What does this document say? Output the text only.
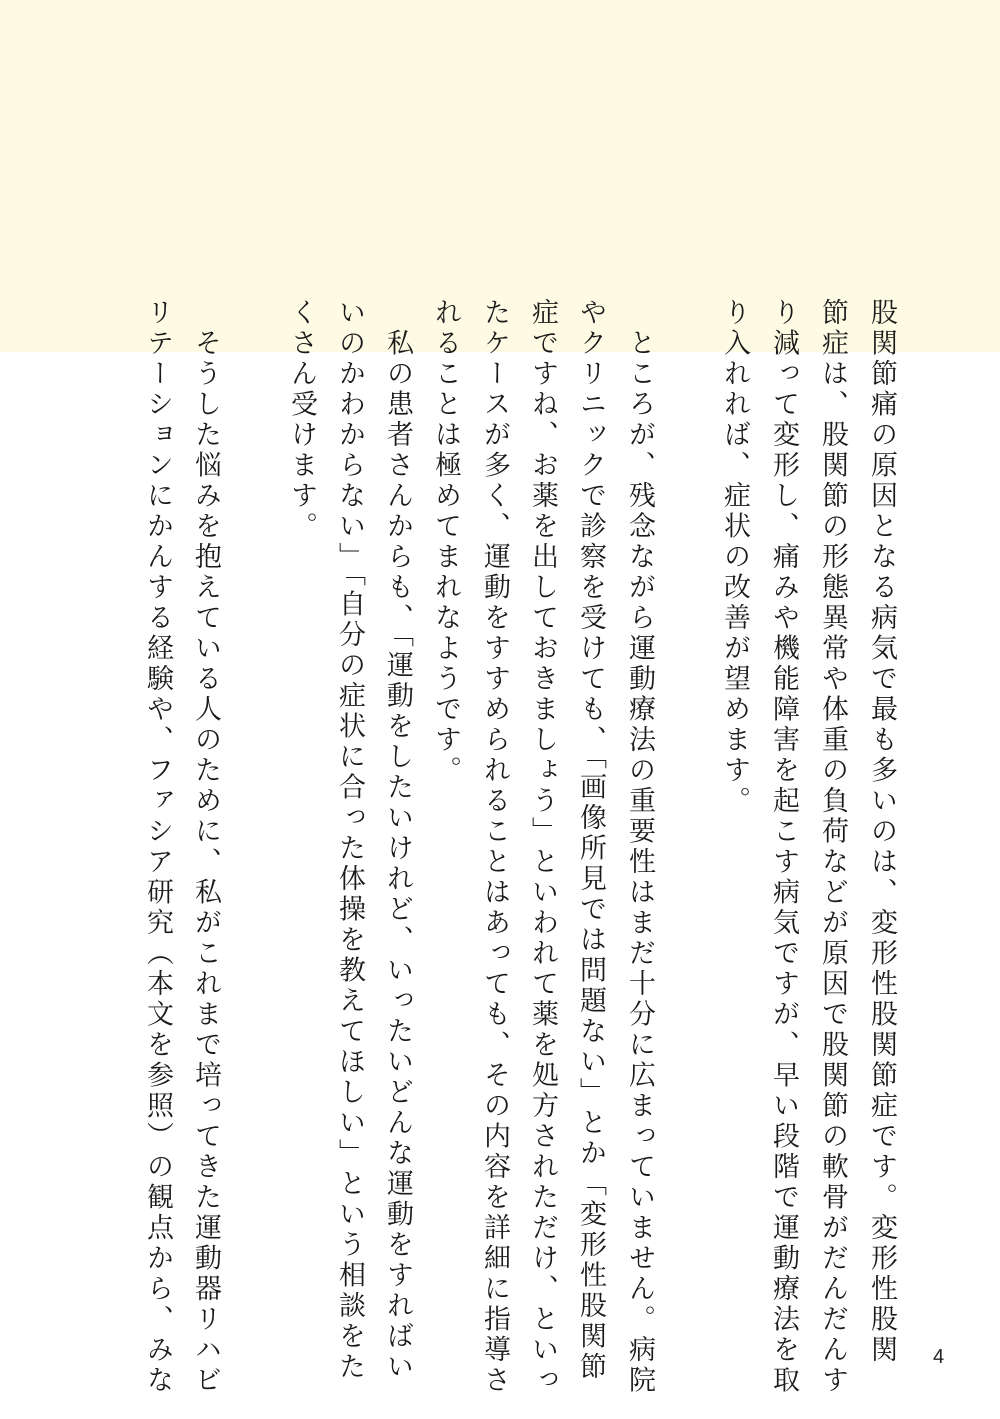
股関節痛の原因となる病気で最も多いのは、変形性股関節症です。変形性股関

節症は、股関節の形態異常や体重の負荷などが原因で股関節の軟骨がだんだんす

り減って変形し、痛みや機能障害を起こす病気ですが、早い段階で運動療法を取

り入れれば、症状の改善が望めます。

　ところが、残念ながら運動療法の重要性はまだ十分に広まっていません。病院

やクリニックで診察を受けても、「画像所見では問題ない」とか「変形性股関節

症ですね、お薬を出しておきましょう」といわれて薬を処方されただけ、といっ

たケースが多く、運動をすすめられることはあっても、その内容を詳細に指導さ

れることは極めてまれなようです。

　私の患者さんからも、「運動をしたいけれど、いったいどんな運動をすればい

いのかわからない」「自分の症状に合った体操を教えてほしい」という相談をた

くさん受けます。

　そうした悩みを抱えている人のために、私がこれまで培ってきた運動器リハビ

リテーションにかんする経験や、ファシア研究（本文を参照）の観点から、みな	4
